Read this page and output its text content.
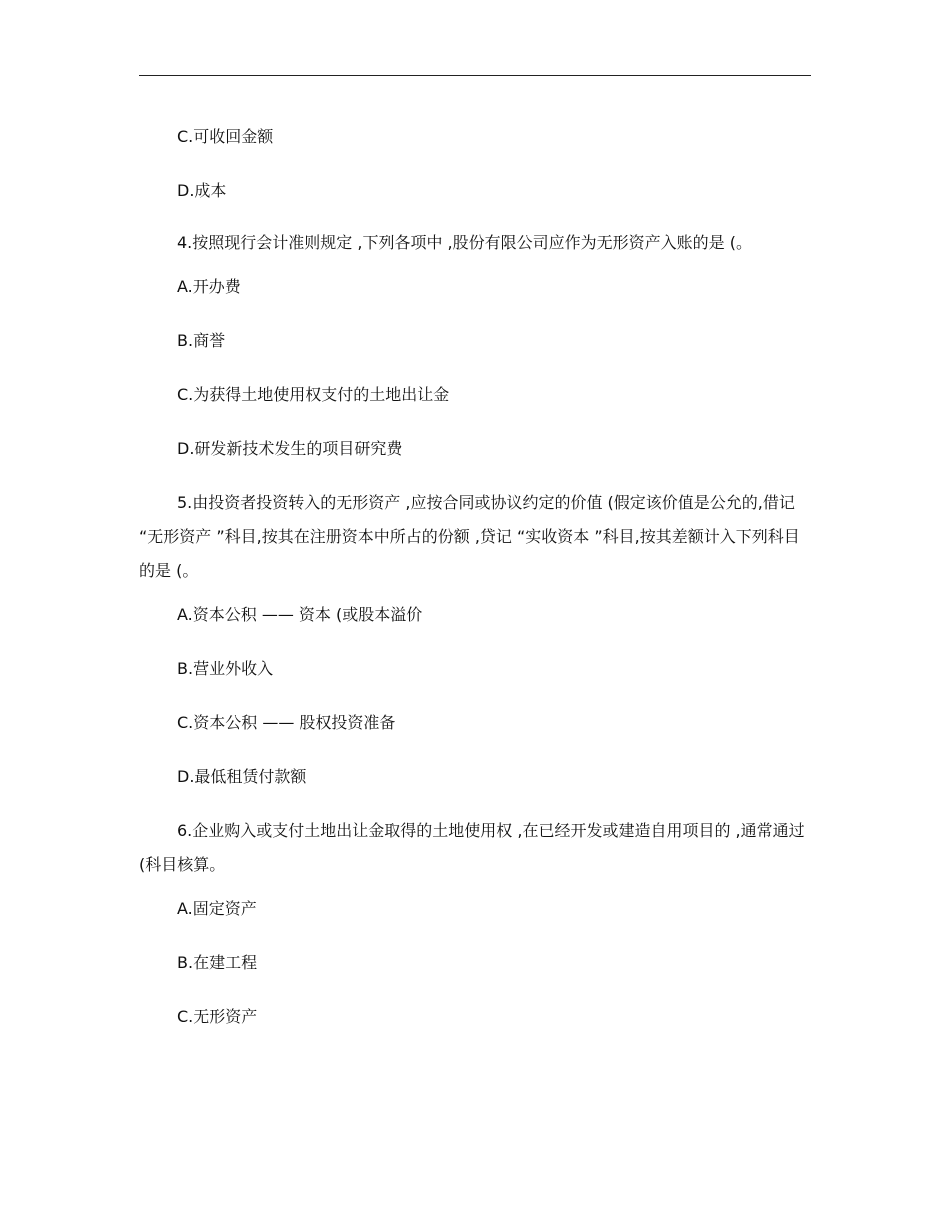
C.可收回金额

D.成本

4.按照现行会计准则规定 ,下列各项中 ,股份有限公司应作为无形资产入账的是 (。

A.开办费

B.商誉

C.为获得土地使用权支付的土地出让金

D.研发新技术发生的项目研究费

5.由投资者投资转入的无形资产 ,应按合同或协议约定的价值 (假定该价值是公允的,借记 “无形资产 ”科目,按其在注册资本中所占的份额 ,贷记 “实收资本 ”科目,按其差额计入下列科目的是 (。

A.资本公积 —— 资本 (或股本溢价

B.营业外收入

C.资本公积 —— 股权投资准备

D.最低租赁付款额

6.企业购入或支付土地出让金取得的土地使用权 ,在已经开发或建造自用项目的 ,通常通过 (科目核算。

A.固定资产

B.在建工程

C.无形资产
